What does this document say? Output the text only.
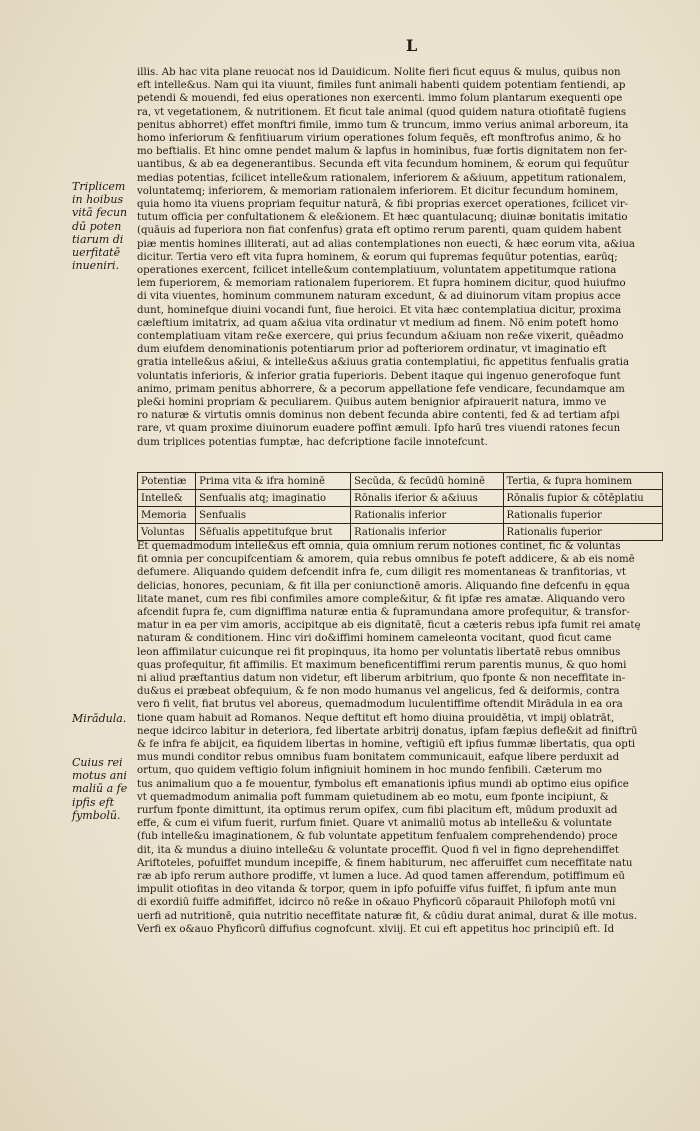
L
Triplicem
in hoibus
vitā fecun
dū poten
tiarum di
uerfitatē
inueniri.
Mirādula.
Cuius rei
motus ani
maliū a fe
ipfis eft
fymbolū.
illis. Ab hac vita plane reuocat nos id Dauidicum. Nolite fieri ficut equus & mulus, quibus non
eft intelle&us. Nam qui ita viuunt, fimiles funt animali habenti quidem potentiam fentiendi, ap
petendi & mouendi, fed eius operationes non exercenti. immo folum plantarum exequenti ope
ra, vt vegetationem, & nutritionem. Et ficut tale animal (quod quidem natura otiofitatē fugiens
penitus abhorret) effet monftri fimile, immo tum & truncum, immo verius animal arboreum, ita
homo inferiorum & fenfitiuarum virium operationes folum fequēs, eft monftrofus animo, & ho
mo beftialis. Et hinc omne pendet malum & lapfus in hominibus, fuæ fortis dignitatem non fer-
uantibus, & ab ea degenerantibus. Secunda eft vita fecundum hominem, & eorum qui fequūtur
medias potentias, fcilicet intelle&um rationalem, inferiorem & a&iuum, appetitum rationalem,
voluntatemq; inferiorem, & memoriam rationalem inferiorem. Et dicitur fecundum hominem,
quia homo ita viuens propriam fequitur naturā, & fibi proprias exercet operationes, fcilicet vir-
tutum officia per confultationem & ele&ionem. Et hæc quantulacunq; diuinæ bonitatis imitatio
(quāuis ad fuperiora non fiat confenfus) grata eft optimo rerum parenti, quam quidem habent
piæ mentis homines illiterati, aut ad alias contemplationes non euecti, & hæc eorum vita, a&iua
dicitur. Tertia vero eft vita fupra hominem, & eorum qui fupremas fequūtur potentias, earūq;
operationes exercent, fcilicet intelle&um contemplatiuum, voluntatem appetitumque rationa
lem fuperiorem, & memoriam rationalem fuperiorem. Et fupra hominem dicitur, quod huiufmo
di vita viuentes, hominum communem naturam excedunt, & ad diuinorum vitam propius acce
dunt, hominefque diuini vocandi funt, fiue heroici. Et vita hæc contemplatiua dicitur, proxima
cæleftium imitatrix, ad quam a&iua vita ordinatur vt medium ad finem. Nō enim poteft homo
contemplatiuam vitam re&e exercere, qui prius fecundum a&iuam non re&e vixerit, quēadmo
dum eiufdem denominationis potentiarum prior ad pofteriorem ordinatur, vt imaginatio eft
gratia intelle&us a&iui, & intelle&us a&iuus gratia contemplatiui, fic appetitus fenfualis gratia
voluntatis inferioris, & inferior gratia fuperioris. Debent itaque qui ingenuo generofoque funt
animo, primam penitus abhorrere, & a pecorum appellatione fefe vendicare, fecundamque am
ple&i homini propriam & peculiarem. Quibus autem benignior afpirauerit natura, immo ve
ro naturæ & virtutis omnis dominus non debent fecunda abire contenti, fed & ad tertiam afpi
rare, vt quam proxime diuinorum euadere poffint æmuli. Ipfo harū tres viuendi ratones fecun
dum triplices potentias fumptæ, hac defcriptione facile innotefcunt.
Potentiæ	Prima vita & ifra hominē	Secūda, & fecūdū hominē	Tertia, & fupra hominem
Intelle&	Senfualis atq; imaginatio	Rōnalis iferior & a&iuus	Rōnalis fupior & cōtēplatiu
Memoria	Senfualis	Rationalis inferior	Rationalis fuperior
Voluntas	Sēfualis appetitufque brut	Rationalis inferior	Rationalis fuperior
Et quemadmodum intelle&us eft omnia, quia omnium rerum notiones continet, fic & voluntas
fit omnia per concupifcentiam & amorem, quia rebus omnibus fe poteft addicere, & ab eis nomē
defumere. Aliquando quidem defcendit infra fe, cum diligit res momentaneas & tranfitorias, vt
delicias, honores, pecuniam, & fit illa per coniunctionē amoris. Aliquando fine defcenfu in ęqua
litate manet, cum res fibi confimiles amore comple&itur, & fit ipfæ res amatæ. Aliquando vero
afcendit fupra fe, cum digniffima naturæ entia & fupramundana amore profequitur, & transfor-
matur in ea per vim amoris, accipitque ab eis dignitatē, ficut a cæteris rebus ipfa fumit rei amatę
naturam & conditionem. Hinc viri do&iffimi hominem cameleonta vocitant, quod ficut came
leon affimilatur cuicunque rei fit propinquus, ita homo per voluntatis libertatē rebus omnibus
quas profequitur, fit affimilis. Et maximum beneficentiffimi rerum parentis munus, & quo homi
ni aliud præftantius datum non videtur, eft liberum arbitrium, quo fponte & non neceffitate in-
du&us ei præbeat obfequium, & fe non modo humanus vel angelicus, fed & deiformis, contra
vero fi velit, fiat brutus vel aboreus, quemadmodum luculentiffime oftendit Mirādula in ea ora
tione quam habuit ad Romanos. Neque deftitut eft homo diuina prouidētia, vt impij oblatrāt,
neque idcirco labitur in deteriora, fed libertate arbitrij donatus, ipfam fæpius defle&it ad finiftrū
& fe infra fe abijcit, ea fiquidem libertas in homine, veftigiū eft ipfius fummæ libertatis, qua opti
mus mundi conditor rebus omnibus fuam bonitatem communicauit, eafque libere perduxit ad
ortum, quo quidem veftigio folum infigniuit hominem in hoc mundo fenfibili. Cæterum mo
tus animalium quo a fe mouentur, fymbolus eft emanationis ipfius mundi ab optimo eius opifice
vt quemadmodum animalia poft fummam quietudinem ab eo motu, eum fponte incipiunt, &
rurfum fponte dimittunt, ita optimus rerum opifex, cum fibi placitum eft, mūdum produxit ad
effe, & cum ei vifum fuerit, rurfum finiet. Quare vt animaliū motus ab intelle&u & voluntate
(fub intelle&u imaginationem, & fub voluntate appetitum fenfualem comprehendendo) proce
dit, ita & mundus a diuino intelle&u & voluntate proceffit. Quod fi vel in figno deprehendiffet
Ariftoteles, pofuiffet mundum incepiffe, & finem habiturum, nec afferuiffet cum neceffitate natu
ræ ab ipfo rerum authore prodiffe, vt lumen a luce. Ad quod tamen afferendum, potiffimum eū
impulit otiofitas in deo vitanda & torpor, quem in ipfo pofuiffe vifus fuiffet, fi ipfum ante mun
di exordiū fuiffe admififfet, idcirco nō re&e in o&auo Phyficorū cōparauit Philofoph motū vni
uerfi ad nutritionē, quia nutritio neceffitate naturæ fit, & cūdiu durat animal, durat & ille motus.
Verfi ex o&auo Phyficorū diffufius cognofcunt. xlviij. Et cui eft appetitus hoc principiū eft. Id
